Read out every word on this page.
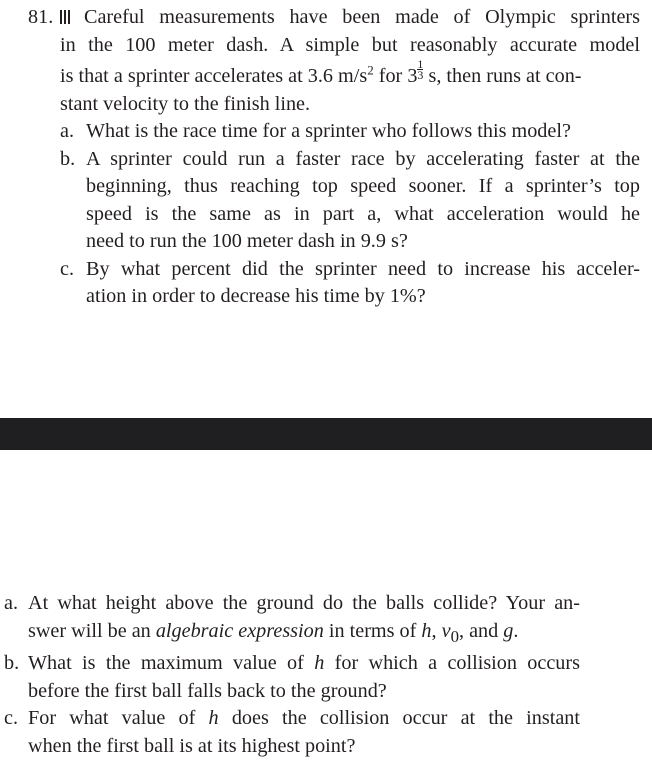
81. Careful measurements have been made of Olympic sprinters
in the 100 meter dash. A simple but reasonably accurate model
is that a sprinter accelerates at 3.6 $m/s^2$ for $3 \frac{1}{3} s$, then runs at con-
stant velocity to the finish line.
a. What is the race time for a sprinter who follows this model?
b. A sprinter could run a faster race by accelerating faster at the
beginning, thus reaching top speed sooner. If a sprinter’s top
speed is the same as in part a, what acceleration would he
need to run the 100 meter dash in 9.9 s?
c. By what percent did the sprinter need to increase his acceler-
ation in order to decrease his time by 1%?
a. At what height above the ground do the balls collide? Your an-
swer will be an algebraic expression in terms of h, $v_0$, and g.
b. What is the maximum value of h for which a collision occurs
before the first ball falls back to the ground?
c. For what value of h does the collision occur at the instant
when the first ball is at its highest point?
